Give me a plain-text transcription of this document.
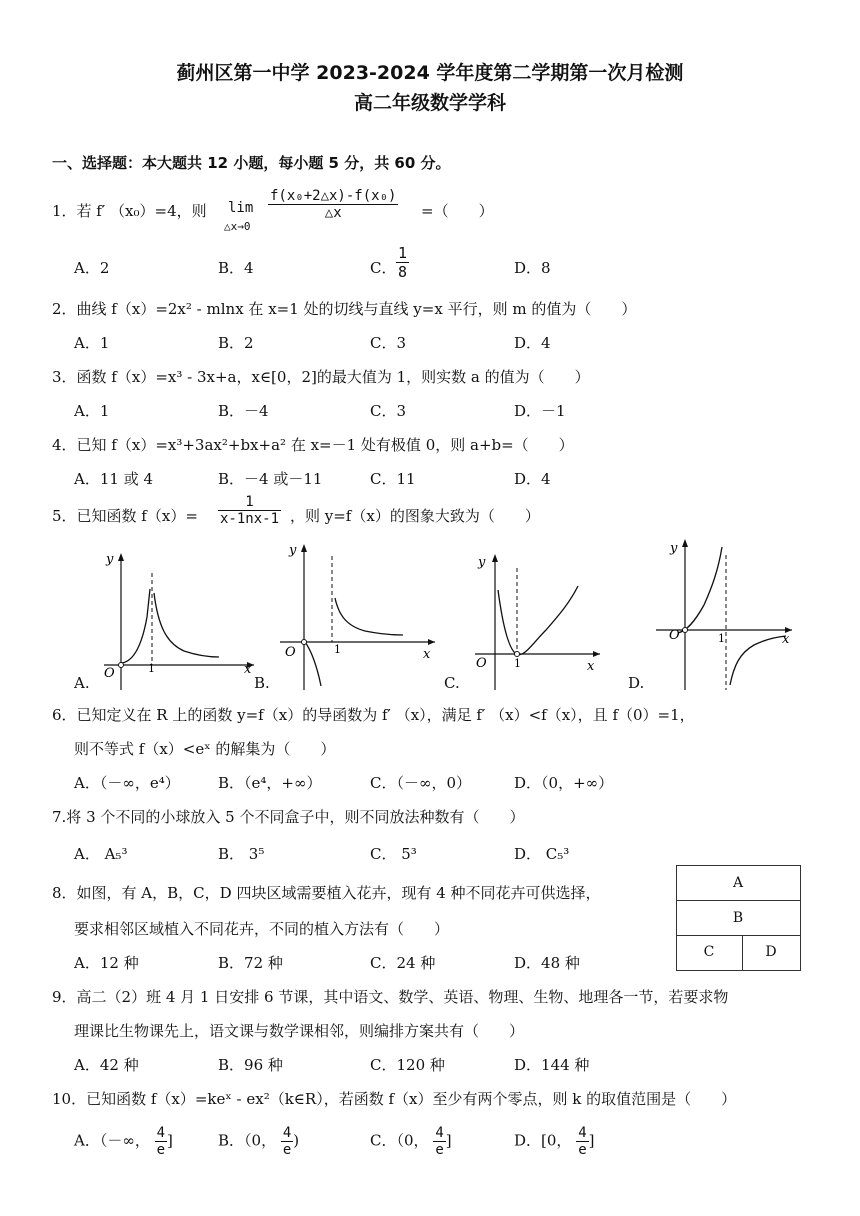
蓟州区第一中学 2023-2024 学年度第二学期第一次月检测
高二年级数学学科
一、选择题：本大题共 12 小题，每小题 5 分，共 60 分。
1．若 f′ （x₀）=4，则 lim
△x→0
$\frac{\text{f(x₀+2△x)-f(x₀)}}{\triangle x}$ =（　　）
A．2	B．4	C． $\frac{1}{8}$	D．8
2．曲线 f（x）=2x² - mlnx 在 x=1 处的切线与直线 y=x 平行，则 m 的值为（　　）
A．1	B．2	C．3	D．4
3．函数 f（x）=x³ - 3x+a，x∈[0，2]的最大值为 1，则实数 a 的值为（　　）
A．1	B．－4	C．3	D．－1
4．已知 f（x）=x³+3ax²+bx+a² 在 x=－1 处有极值 0，则 a+b=（　　）
A．11 或 4	B．－4 或－11	C．11	D．4
5．已知函数 $f(x)= \frac{1}{x-1nx-1}$ ，则 y=f（x）的图象大致为（　　）
y
x
O	1
A.
y
x
O	1
B.
y
x
O 1
C.
y
x
O	1
D.
6．已知定义在 R 上的函数 y=f（x）的导函数为 f′ （x），满足 f′ （x）<f（x），且 f（0）=1，
则不等式 f（x）<eˣ 的解集为（　　）
A．（－∞，e⁴）	B．（e⁴，+∞）	C．（－∞，0）	D．（0，+∞）
7.将 3 个不同的小球放入 5 个不同盒子中，则不同放法种数有（　　）
A． A₅³	B． 3⁵	C． 5³	D． C₅³
8．如图，有 A，B，C，D 四块区域需要植入花卉，现有 4 种不同花卉可供选择，
要求相邻区域植入不同花卉，不同的植入方法有（　　）
A．12 种	B．72 种	C．24 种	D．48 种
A
B
C	D
9．高二（2）班 4 月 1 日安排 6 节课，其中语文、数学、英语、物理、生物、地理各一节，若要求物
理课比生物课先上，语文课与数学课相邻，则编排方案共有（　　）
A．42 种	B．96 种	C．120 种	D．144 种
10．已知函数 f（x）=keˣ - ex²（k∈R），若函数 f（x）至少有两个零点，则 k 的取值范围是（　　）
A．（－∞， $\frac{4}{e}$ ]	B．（0， $\frac{4}{e}$ )	C．（0， $\frac{4}{e}$ ]	D．[0， $\frac{4}{e}$ ]
